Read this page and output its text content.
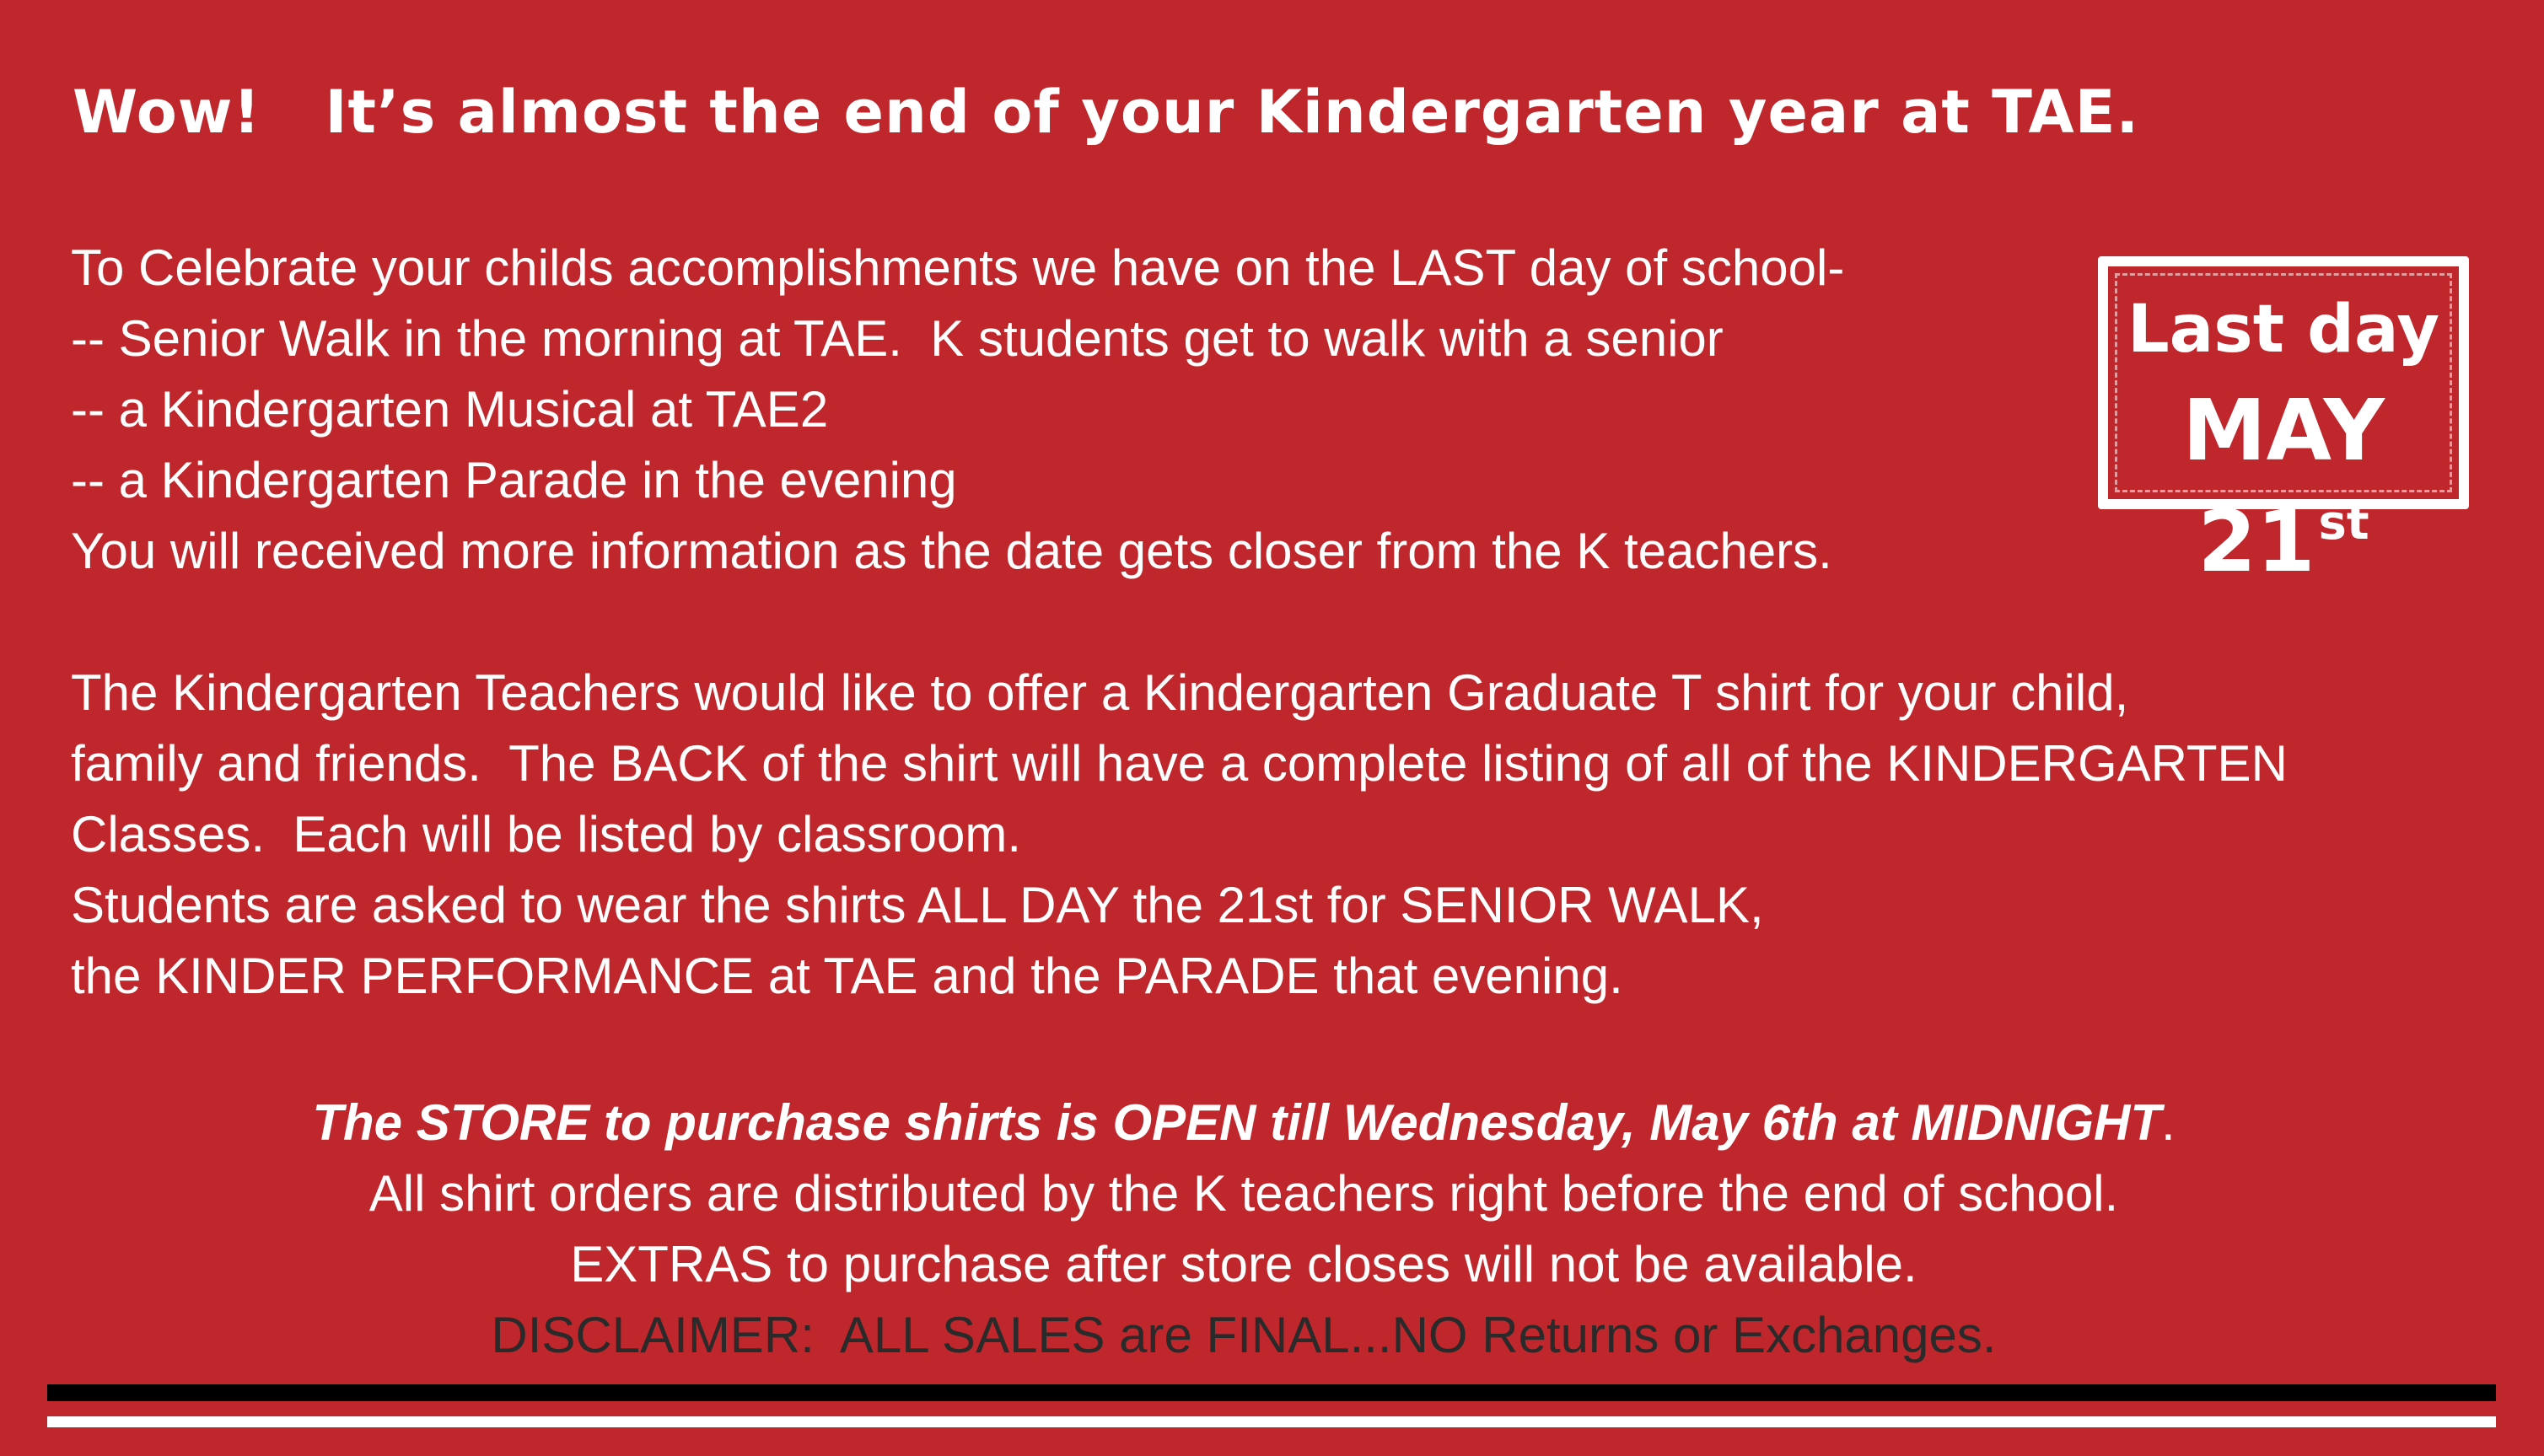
Wow!   It’s almost the end of your Kindergarten year at TAE.
To Celebrate your childs accomplishments we have on the LAST day of school-
-- Senior Walk in the morning at TAE.  K students get to walk with a senior
-- a Kindergarten Musical at TAE2
-- a Kindergarten Parade in the evening
You will received more information as the date gets closer from the K teachers.
Last day
MAY 21st
The Kindergarten Teachers would like to offer a Kindergarten Graduate T shirt for your child,
family and friends.  The BACK of the shirt will have a complete listing of all of the KINDERGARTEN
Classes.  Each will be listed by classroom.
Students are asked to wear the shirts ALL DAY the 21st for SENIOR WALK,
the KINDER PERFORMANCE at TAE and the PARADE that evening.
The STORE to purchase shirts is OPEN till Wednesday, May 6th at MIDNIGHT.
All shirt orders are distributed by the K teachers right before the end of school.
EXTRAS to purchase after store closes will not be available.
DISCLAIMER:  ALL SALES are FINAL...NO Returns or Exchanges.
